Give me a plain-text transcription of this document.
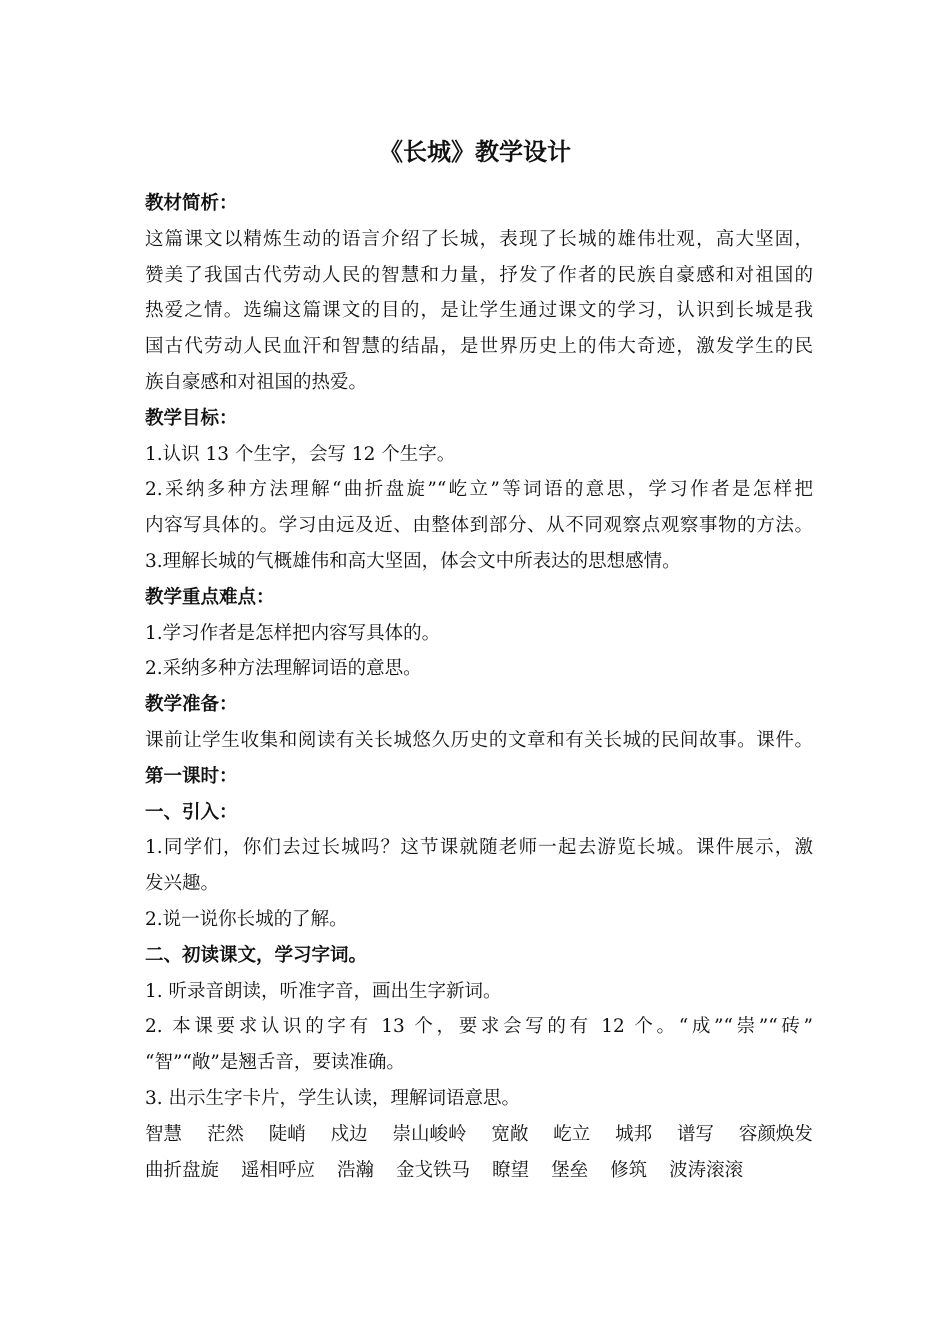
《长城》教学设计
教材简析：
这篇课文以精炼生动的语言介绍了长城，表现了长城的雄伟壮观，高大坚固，
赞美了我国古代劳动人民的智慧和力量，抒发了作者的民族自豪感和对祖国的
热爱之情。选编这篇课文的目的，是让学生通过课文的学习，认识到长城是我
国古代劳动人民血汗和智慧的结晶，是世界历史上的伟大奇迹，激发学生的民
族自豪感和对祖国的热爱。
教学目标：
1.认识 13 个生字，会写 12 个生字。
2.采纳多种方法理解“曲折盘旋”“屹立”等词语的意思，学习作者是怎样把
内容写具体的。学习由远及近、由整体到部分、从不同观察点观察事物的方法。
3.理解长城的气概雄伟和高大坚固，体会文中所表达的思想感情。
教学重点难点：
1.学习作者是怎样把内容写具体的。
2.采纳多种方法理解词语的意思。
教学准备：
课前让学生收集和阅读有关长城悠久历史的文章和有关长城的民间故事。课件。
第一课时：
一、引入：
1.同学们，你们去过长城吗？这节课就随老师一起去游览长城。课件展示，激
发兴趣。
2.说一说你长城的了解。
二、初读课文，学习字词。
1. 听录音朗读，听准字音，画出生字新词。
2. 本课要求认识的字有 13 个，要求会写的有 12 个。“成”“崇”“砖”
“智”“敞”是翘舌音，要读准确。
3. 出示生字卡片，学生认读，理解词语意思。
智慧 茫然 陡峭 戍边 崇山峻岭 宽敞 屹立 城邦 谱写 容颜焕发
曲折盘旋 遥相呼应 浩瀚 金戈铁马 瞭望 堡垒 修筑 波涛滚滚
